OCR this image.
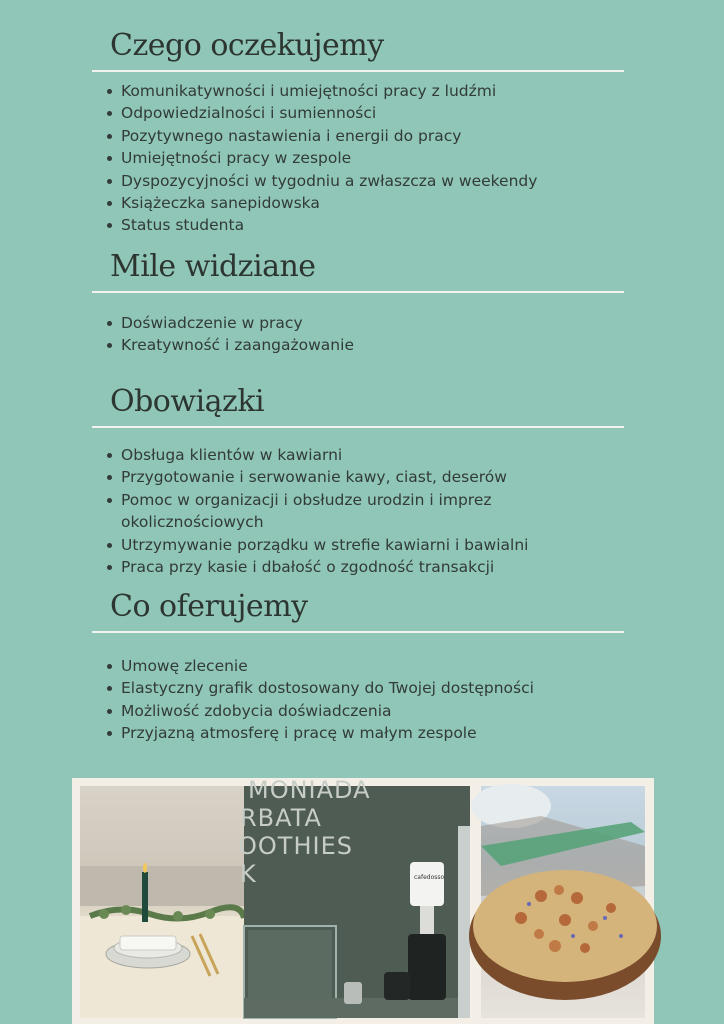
Czego oczekujemy
Komunikatywności i umiejętności pracy z ludźmi
Odpowiedzialności i sumienności
Pozytywnego nastawienia i energii do pracy
Umiejętności pracy w zespole
Dyspozycyjności w tygodniu a zwłaszcza w weekendy
Książeczka sanepidowska
Status studenta
Mile widziane
Doświadczenie w pracy
Kreatywność i zaangażowanie
Obowiązki
Obsługa klientów w kawiarni
Przygotowanie i serwowanie kawy, ciast, deserów
Pomoc w organizacji i obsłudze urodzin i imprez okolicznościowych
Utrzymywanie porządku w strefie kawiarni i bawialni
Praca przy kasie i dbałość o zgodność transakcji
Co oferujemy
Umowę zlecenie
Elastyczny grafik dostosowany do Twojej dostępności
Możliwość zdobycia doświadczenia
Przyjazną atmosferę i pracę w małym zespole
MONIADA
RBATA
OOTHIES
K	cafedosso
